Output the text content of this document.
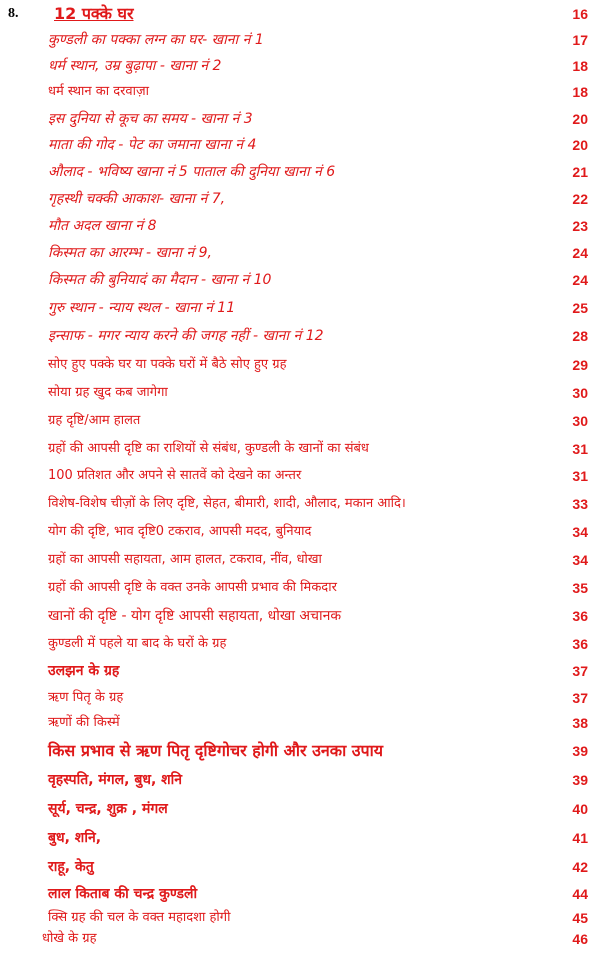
8. 12 पक्के घर	16
कुण्डली का पक्का लग्न का घर- खाना नं 1	17
धर्म स्थान, उम्र बुढ़ापा - खाना नं 2	18
धर्म स्थान का दरवाज़ा	18
इस दुनिया से कूच का समय - खाना नं 3	20
माता की गोद - पेट का जमाना खाना नं 4	20
औलाद - भविष्य खाना नं 5 पाताल की दुनिया खाना नं 6	21
गृहस्थी चक्की आकाश- खाना नं 7,	22
मौत अदल खाना नं 8	23
किस्मत का आरम्भ - खाना नं 9,	24
किस्मत की बुनियादं का मैदान - खाना नं 10	24
गुरु स्थान - न्याय स्थल - खाना नं 11	25
इन्साफ - मगर न्याय करने की जगह नहीं - खाना नं 12	28
सोए हुए पक्के घर या पक्के घरों में बैठे सोए हुए ग्रह	29
सोया ग्रह खुद कब जागेगा	30
ग्रह दृष्टि/आम हालत	30
ग्रहों की आपसी दृष्टि का राशियों से संबंध, कुण्डली के खानों का संबंध	31
100 प्रतिशत और अपने से सातवें को देखने का अन्तर	31
विशेष-विशेष चीज़ों के लिए दृष्टि, सेहत, बीमारी, शादी, औलाद, मकान आदि।	33
योग की दृष्टि, भाव दृष्टि0 टकराव, आपसी मदद, बुनियाद	34
ग्रहों का आपसी सहायता, आम हालत, टकराव, नींव, धोखा	34
ग्रहों की आपसी दृष्टि के वक्त उनके आपसी प्रभाव की मिकदार	35
खानों की दृष्टि - योग दृष्टि आपसी सहायता, धोखा अचानक	36
कुण्डली में पहले या बाद के घरों के ग्रह	36
उलझन के ग्रह	37
ऋण पितृ के ग्रह	37
ऋणों की किस्में	38
किस प्रभाव से ऋण पितृ दृष्टिगोचर होगी और उनका उपाय	39
वृहस्पति, मंगल, बुध, शनि	39
सूर्य, चन्द्र, शुक्र , मंगल	40
बुध, शनि,	41
राहू, केतु	42
लाल किताब की चन्द्र कुण्डली	44
क्सि ग्रह की चल के वक्त महादशा होगी	45
धोखे के ग्रह	46
